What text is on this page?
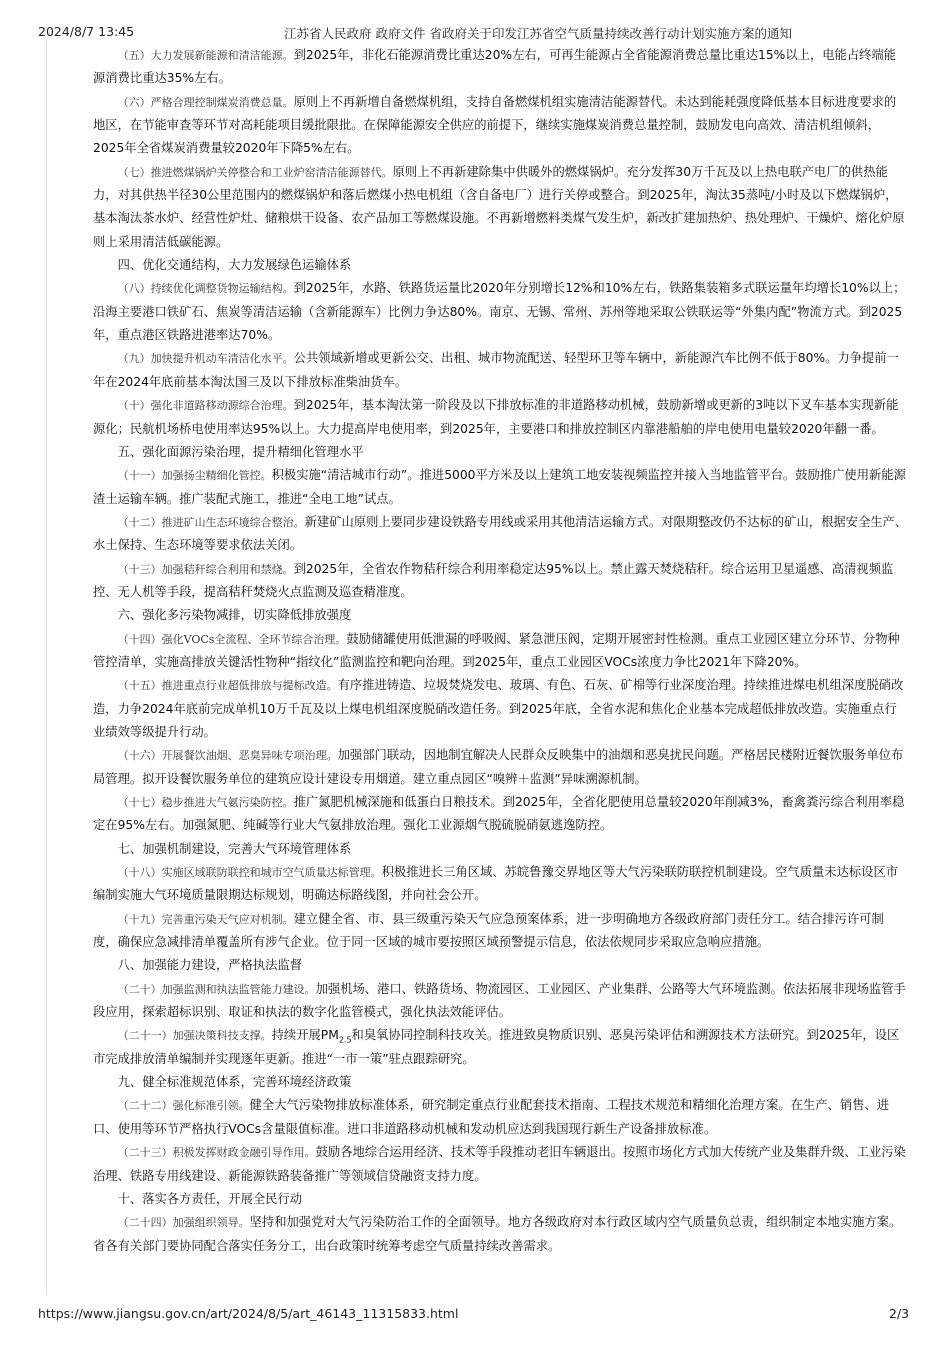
2024/8/7 13:45	江苏省人民政府 政府文件 省政府关于印发江苏省空气质量持续改善行动计划实施方案的通知

（五）大力发展新能源和清洁能源。到2025年，非化石能源消费比重达20%左右，可再生能源占全省能源消费总量比重达15%以上，电能占终端能源消费比重达35%左右。

（六）严格合理控制煤炭消费总量。原则上不再新增自备燃煤机组，支持自备燃煤机组实施清洁能源替代。未达到能耗强度降低基本目标进度要求的地区，在节能审查等环节对高耗能项目缓批限批。在保障能源安全供应的前提下，继续实施煤炭消费总量控制，鼓励发电向高效、清洁机组倾斜，2025年全省煤炭消费量较2020年下降5%左右。

（七）推进燃煤锅炉关停整合和工业炉窑清洁能源替代。原则上不再新建除集中供暖外的燃煤锅炉。充分发挥30万千瓦及以上热电联产电厂的供热能力，对其供热半径30公里范围内的燃煤锅炉和落后燃煤小热电机组（含自备电厂）进行关停或整合。到2025年，淘汰35蒸吨/小时及以下燃煤锅炉，基本淘汰茶水炉、经营性炉灶、储粮烘干设备、农产品加工等燃煤设施。不再新增燃料类煤气发生炉，新改扩建加热炉、热处理炉、干燥炉、熔化炉原则上采用清洁低碳能源。

四、优化交通结构，大力发展绿色运输体系

（八）持续优化调整货物运输结构。到2025年，水路、铁路货运量比2020年分别增长12%和10%左右，铁路集装箱多式联运量年均增长10%以上；沿海主要港口铁矿石、焦炭等清洁运输（含新能源车）比例力争达80%。南京、无锡、常州、苏州等地采取公铁联运等“外集内配”物流方式。到2025年，重点港区铁路进港率达70%。

（九）加快提升机动车清洁化水平。公共领域新增或更新公交、出租、城市物流配送、轻型环卫等车辆中，新能源汽车比例不低于80%。力争提前一年在2024年底前基本淘汰国三及以下排放标准柴油货车。

（十）强化非道路移动源综合治理。到2025年，基本淘汰第一阶段及以下排放标准的非道路移动机械，鼓励新增或更新的3吨以下叉车基本实现新能源化；民航机场桥电使用率达95%以上。大力提高岸电使用率，到2025年，主要港口和排放控制区内靠港船舶的岸电使用电量较2020年翻一番。

五、强化面源污染治理，提升精细化管理水平

（十一）加强扬尘精细化管控。积极实施“清洁城市行动”。推进5000平方米及以上建筑工地安装视频监控并接入当地监管平台。鼓励推广使用新能源渣土运输车辆。推广装配式施工，推进“全电工地”试点。

（十二）推进矿山生态环境综合整治。新建矿山原则上要同步建设铁路专用线或采用其他清洁运输方式。对限期整改仍不达标的矿山，根据安全生产、水土保持、生态环境等要求依法关闭。

（十三）加强秸秆综合利用和禁烧。到2025年，全省农作物秸秆综合利用率稳定达95%以上。禁止露天焚烧秸秆。综合运用卫星遥感、高清视频监控、无人机等手段，提高秸秆焚烧火点监测及巡查精准度。

六、强化多污染物减排，切实降低排放强度

（十四）强化VOCs全流程、全环节综合治理。鼓励储罐使用低泄漏的呼吸阀、紧急泄压阀，定期开展密封性检测。重点工业园区建立分环节、分物种管控清单，实施高排放关键活性物种“指纹化”监测监控和靶向治理。到2025年，重点工业园区VOCs浓度力争比2021年下降20%。

（十五）推进重点行业超低排放与提标改造。有序推进铸造、垃圾焚烧发电、玻璃、有色、石灰、矿棉等行业深度治理。持续推进煤电机组深度脱硝改造，力争2024年底前完成单机10万千瓦及以上煤电机组深度脱硝改造任务。到2025年底，全省水泥和焦化企业基本完成超低排放改造。实施重点行业绩效等级提升行动。

（十六）开展餐饮油烟、恶臭异味专项治理。加强部门联动，因地制宜解决人民群众反映集中的油烟和恶臭扰民问题。严格居民楼附近餐饮服务单位布局管理。拟开设餐饮服务单位的建筑应设计建设专用烟道。建立重点园区“嗅辨＋监测”异味溯源机制。

（十七）稳步推进大气氨污染防控。推广氮肥机械深施和低蛋白日粮技术。到2025年，全省化肥使用总量较2020年削减3%，畜禽粪污综合利用率稳定在95%左右。加强氮肥、纯碱等行业大气氨排放治理。强化工业源烟气脱硫脱硝氨逃逸防控。

七、加强机制建设，完善大气环境管理体系

（十八）实施区域联防联控和城市空气质量达标管理。积极推进长三角区域、苏皖鲁豫交界地区等大气污染联防联控机制建设。空气质量未达标设区市编制实施大气环境质量限期达标规划，明确达标路线图，并向社会公开。

（十九）完善重污染天气应对机制。建立健全省、市、县三级重污染天气应急预案体系，进一步明确地方各级政府部门责任分工。结合排污许可制度，确保应急减排清单覆盖所有涉气企业。位于同一区域的城市要按照区域预警提示信息，依法依规同步采取应急响应措施。

八、加强能力建设，严格执法监督

（二十）加强监测和执法监管能力建设。加强机场、港口、铁路货场、物流园区、工业园区、产业集群、公路等大气环境监测。依法拓展非现场监管手段应用，探索超标识别、取证和执法的数字化监管模式，强化执法效能评估。

（二十一）加强决策科技支撑。持续开展$PM_{2.5}$和臭氧协同控制科技攻关。推进致臭物质识别、恶臭污染评估和溯源技术方法研究。到2025年，设区市完成排放清单编制并实现逐年更新。推进“一市一策”驻点跟踪研究。

九、健全标准规范体系，完善环境经济政策

（二十二）强化标准引领。健全大气污染物排放标准体系，研究制定重点行业配套技术指南、工程技术规范和精细化治理方案。在生产、销售、进口、使用等环节严格执行VOCs含量限值标准。进口非道路移动机械和发动机应达到我国现行新生产设备排放标准。

（二十三）积极发挥财政金融引导作用。鼓励各地综合运用经济、技术等手段推动老旧车辆退出。按照市场化方式加大传统产业及集群升级、工业污染治理、铁路专用线建设、新能源铁路装备推广等领域信贷融资支持力度。

十、落实各方责任，开展全民行动

（二十四）加强组织领导。坚持和加强党对大气污染防治工作的全面领导。地方各级政府对本行政区域内空气质量负总责，组织制定本地实施方案。省各有关部门要协同配合落实任务分工，出台政策时统筹考虑空气质量持续改善需求。

https://www.jiangsu.gov.cn/art/2024/8/5/art_46143_11315833.html	2/3
